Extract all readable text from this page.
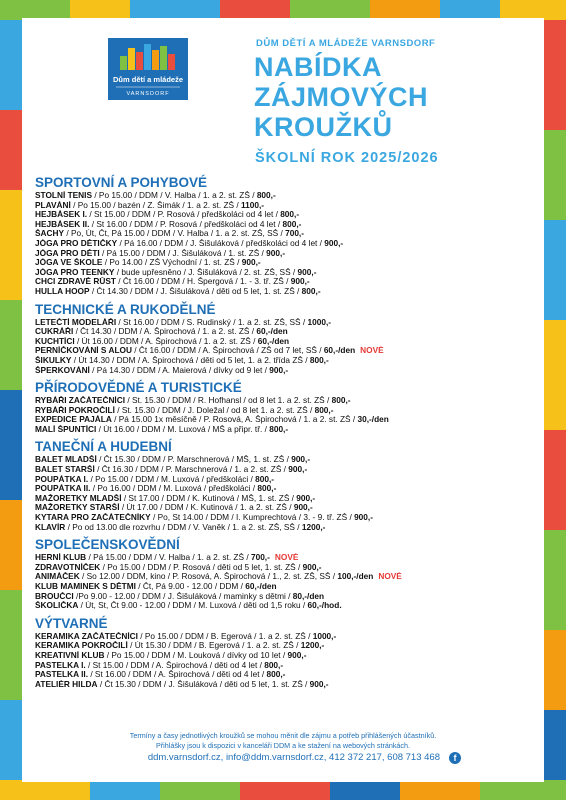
Dům dětí a mládeže
VARNSDORF
DŮM DĚTÍ A MLÁDEŽE VARNSDORF
NABÍDKA
ZÁJMOVÝCH
KROUŽKŮ
ŠKOLNÍ ROK 2025/2026
SPORTOVNÍ A POHYBOVÉ
STOLNÍ TENIS / Po 15.00 / DDM / V. Halba / 1. a 2. st. ZŠ / 800,-
PLAVÁNÍ / Po 15.00 / bazén / Z. Šimák / 1. a 2. st. ZŠ / 1100,-
HEJBÁSEK I. / St 15.00 / DDM / P. Rosová / předškoláci od 4 let / 800,-
HEJBÁSEK II. / St 16.00 / DDM / P. Rosová / předškoláci od 4 let / 800,-
ŠACHY / Po, Út, Čt, Pá 15.00 / DDM / V. Halba / 1. a 2. st. ZŠ, SŠ / 700,-
JÓGA PRO DĚTIČKY / Pá 16.00 / DDM / J. Šišuláková / předškoláci od 4 let / 900,-
JÓGA PRO DĚTI / Pá 15.00 / DDM / J. Šišuláková / 1. st. ZŠ / 900,-
JÓGA VE ŠKOLE / Po 14.00 / ZŠ Východní / 1. st. ZŠ / 900,-
JÓGA PRO TEENKY / bude upřesněno / J. Šišuláková / 2. st. ZŠ, SŠ / 900,-
CHCI ZDRAVĚ RŮST / Čt 16.00 / DDM / H. Špergová / 1. - 3. tř. ZŠ / 900,-
HULLA HOOP / Čt 14.30 / DDM / J. Šišuláková / děti od 5 let, 1. st. ZŠ / 800,-
TECHNICKÉ A RUKODĚLNÉ
LETEČTÍ MODELÁŘI / St 16.00 / DDM / S. Rudinský / 1. a 2. st. ZŠ, SŠ / 1000,-
CUKRÁŘI / Čt 14.30 / DDM / A. Špirochová / 1. a 2. st. ZŠ / 60,-/den
KUCHTÍCI / Út 16.00 / DDM / A. Špirochová / 1. a 2. st. ZŠ / 60,-/den
PERNÍČKOVÁNÍ S ALOU / Čt 16.00 / DDM / A. Špirochová / ZŠ od 7 let, SŠ / 60,-/den NOVÉ
ŠIKULKY / Út 14.30 / DDM / A. Špirochová / děti od 5 let, 1. a 2. třída ZŠ / 800,-
ŠPERKOVÁNÍ / Pá 14.30 / DDM / A. Maierová / dívky od 9 let / 900,-
PŘÍRODOVĚDNÉ A TURISTICKÉ
RYBÁŘI ZAČÁTEČNÍCI / St. 15.30 / DDM / R. Hofhansl / od 8 let 1. a 2. st. ZŠ / 800,-
RYBÁŘI POKROČILÍ / St. 15.30 / DDM / J. Doležal / od 8 let 1. a 2. st. ZŠ / 800,-
EXPEDICE PAJÁLA / Pá 15.00 1x měsíčně / P. Rosová, A. Špirochová / 1. a 2. st. ZŠ / 30,-/den
MALÍ ŠPUNTÍCI / Út 16.00 / DDM / M. Luxová / MŠ a připr. tř. / 800,-
TANEČNÍ A HUDEBNÍ
BALET MLADŠÍ / Čt 15.30 / DDM / P. Marschnerová / MŠ, 1. st. ZŠ / 900,-
BALET STARŠÍ / Čt 16.30 / DDM / P. Marschnerová / 1. a 2. st. ZŠ / 900,-
POUPÁTKA I. / Po 15.00 / DDM / M. Luxová / předškoláci / 800,-
POUPÁTKA II. / Po 16.00 / DDM / M. Luxová / předškoláci / 800,-
MAŽORETKY MLADŠÍ / St 17.00 / DDM / K. Kutinová / MŠ, 1. st. ZŠ / 900,-
MAŽORETKY STARŠÍ / Út 17.00 / DDM / K. Kutinová / 1. a 2. st. ZŠ / 900,-
KYTARA PRO ZAČÁTEČNÍKY / Po, St 14.00 / DDM / I. Kumprechtová / 3. - 9. tř. ZŠ / 900,-
KLAVÍR / Po od 13.00 dle rozvrhu / DDM / V. Vaněk / 1. a 2. st. ZŠ, SŠ / 1200,-
SPOLEČENSKOVĚDNÍ
HERNÍ KLUB / Pá 15.00 / DDM / V. Halba / 1. a 2. st. ZŠ / 700,- NOVÉ
ZDRAVOTNÍČEK / Po 15.00 / DDM / P. Rosová / děti od 5 let, 1. st. ZŠ / 900,-
ANIMÁČEK / So 12.00 / DDM, kino / P. Rosová, A. Špirochová / 1., 2. st. ZŠ, SŠ / 100,-/den NOVÉ
KLUB MAMINEK S DĚTMI / Čt, Pá 9.00 - 12.00 / DDM / 60,-/den
BROUČCI /Po 9.00 - 12.00 / DDM / J. Šišuláková / maminky s dětmi / 80,-/den
ŠKOLIČKA / Út, St, Čt 9.00 - 12.00 / DDM / M. Luxová / děti od 1,5 roku / 60,-/hod.
VÝTVARNÉ
KERAMIKA ZAČÁTEČNÍCI / Po 15.00 / DDM / B. Egerová / 1. a 2. st. ZŠ / 1000,-
KERAMIKA POKROČILÍ / Út 15.30 / DDM / B. Egerová / 1. a 2. st. ZŠ / 1200,-
KREATIVNÍ KLUB / Po 15.00 / DDM / M. Louková / dívky od 10 let / 900,-
PASTELKA I. / St 15.00 / DDM / A. Špirochová / děti od 4 let / 800,-
PASTELKA II. / St 16.00 / DDM / A. Špirochová / děti od 4 let / 800,-
ATELIÉR HILDA / Čt 15.30 / DDM / J. Šišuláková / děti od 5 let, 1. st. ZŠ / 900,-
Termíny a časy jednotlivých kroužků se mohou měnit dle zájmu a potřeb přihlášených účastníků.
Přihlášky jsou k dispozici v kanceláři DDM a ke stažení na webových stránkách.
ddm.varnsdorf.cz, info@ddm.varnsdorf.cz, 412 372 217, 608 713 468	f
